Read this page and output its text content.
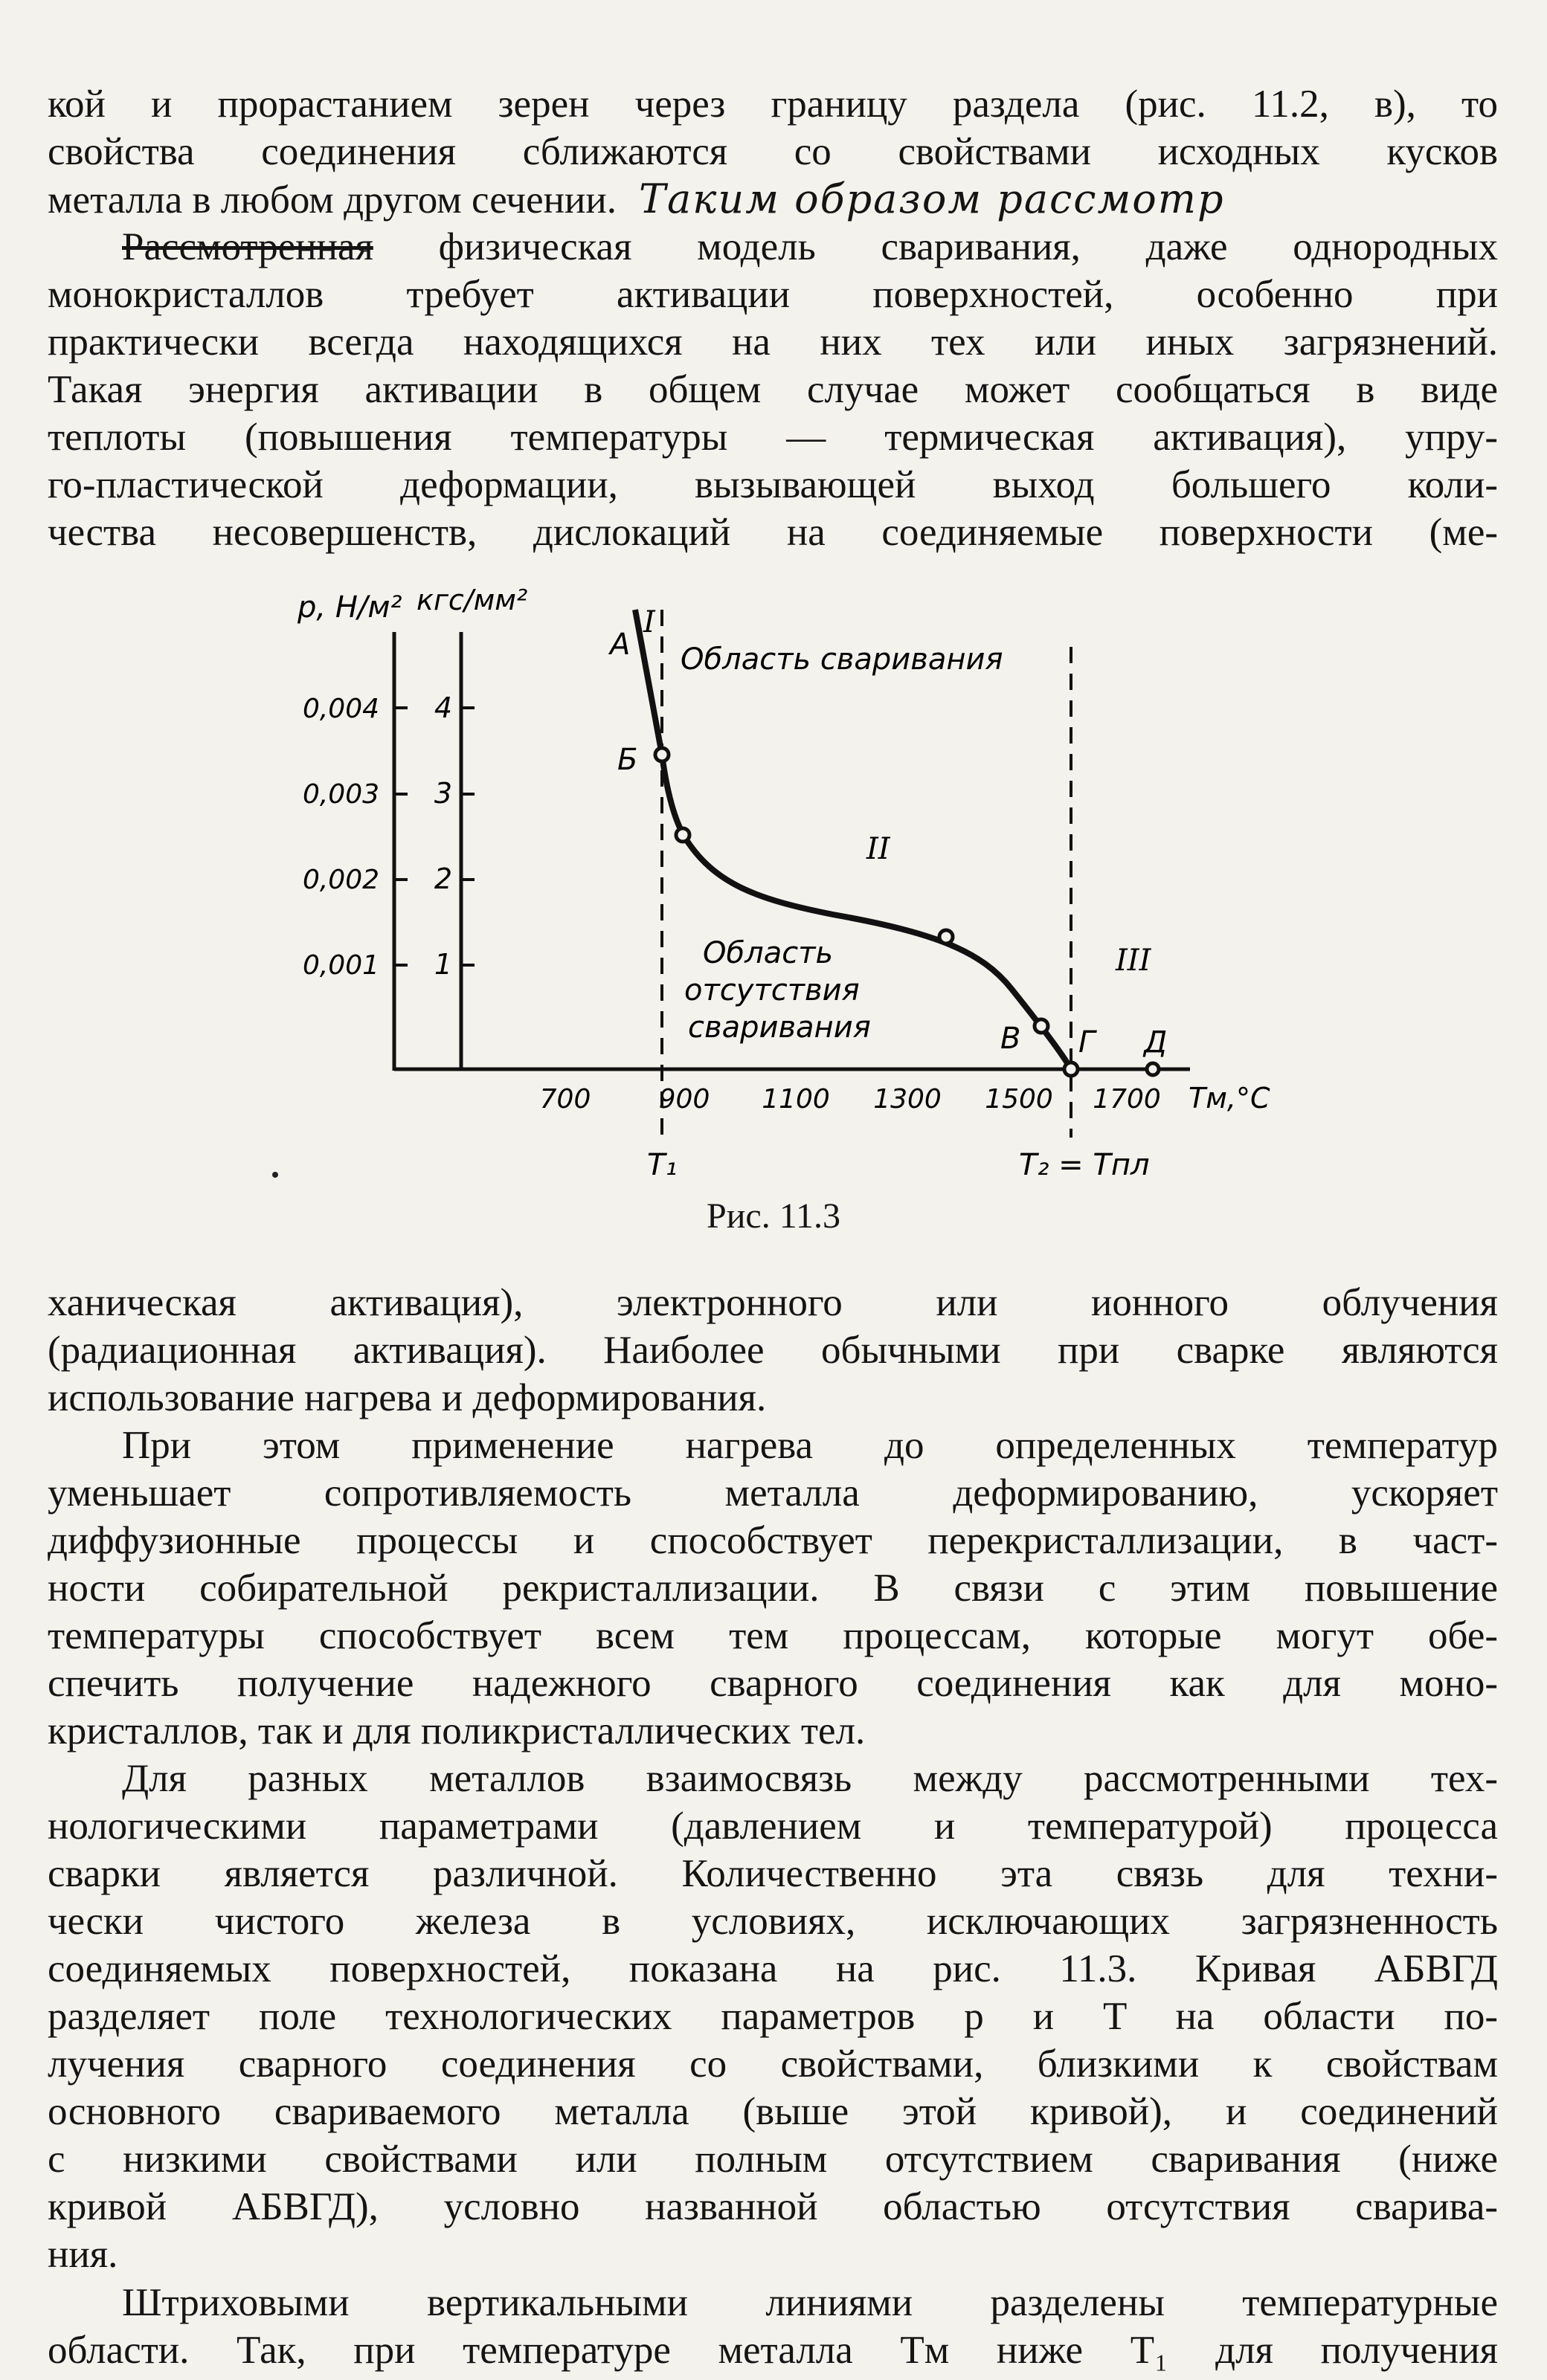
кой и прорастанием зерен через границу раздела (рис. 11.2, в), то
свойства соединения сближаются со свойствами исходных кусков
металла в любом другом сечении. Таким образом рассмотр
Рассмотренная физическая модель сваривания, даже однородных
монокристаллов требует активации поверхностей, особенно при
практически всегда находящихся на них тех или иных загрязнений.
Такая энергия активации в общем случае может сообщаться в виде
теплоты (повышения температуры — термическая активация), упру-
го-пластической деформации, вызывающей выход большего коли-
чества несовершенств, дислокаций на соединяемые поверхности (ме-
p, Н/м² кгс/мм²
0,004
0,003
0,002
0,001
4
3
2
1
700	900 1100 1300 1500 1700 Tм,°C
А
Б
В Г Д
Область сваривания
Область
отсутствия
сваривания
I
II
III
T₁	T₂ = Tпл
Рис. 11.3
ханическая активация), электронного или ионного облучения
(радиационная активация). Наиболее обычными при сварке являются
использование нагрева и деформирования.
При этом применение нагрева до определенных температур
уменьшает сопротивляемость металла деформированию, ускоряет
диффузионные процессы и способствует перекристаллизации, в част-
ности собирательной рекристаллизации. В связи с этим повышение
температуры способствует всем тем процессам, которые могут обе-
спечить получение надежного сварного соединения как для моно-
кристаллов, так и для поликристаллических тел.
Для разных металлов взаимосвязь между рассмотренными тех-
нологическими параметрами (давлением и температурой) процесса
сварки является различной. Количественно эта связь для техни-
чески чистого железа в условиях, исключающих загрязненность
соединяемых поверхностей, показана на рис. 11.3. Кривая АБВГД
разделяет поле технологических параметров p и T на области по-
лучения сварного соединения со свойствами, близкими к свойствам
основного свариваемого металла (выше этой кривой), и соединений
с низкими свойствами или полным отсутствием сваривания (ниже
кривой АБВГД), условно названной областью отсутствия сварива-
ния.
Штриховыми вертикальными линиями разделены температурные
области. Так, при температуре металла Tм ниже T₁ для получения
